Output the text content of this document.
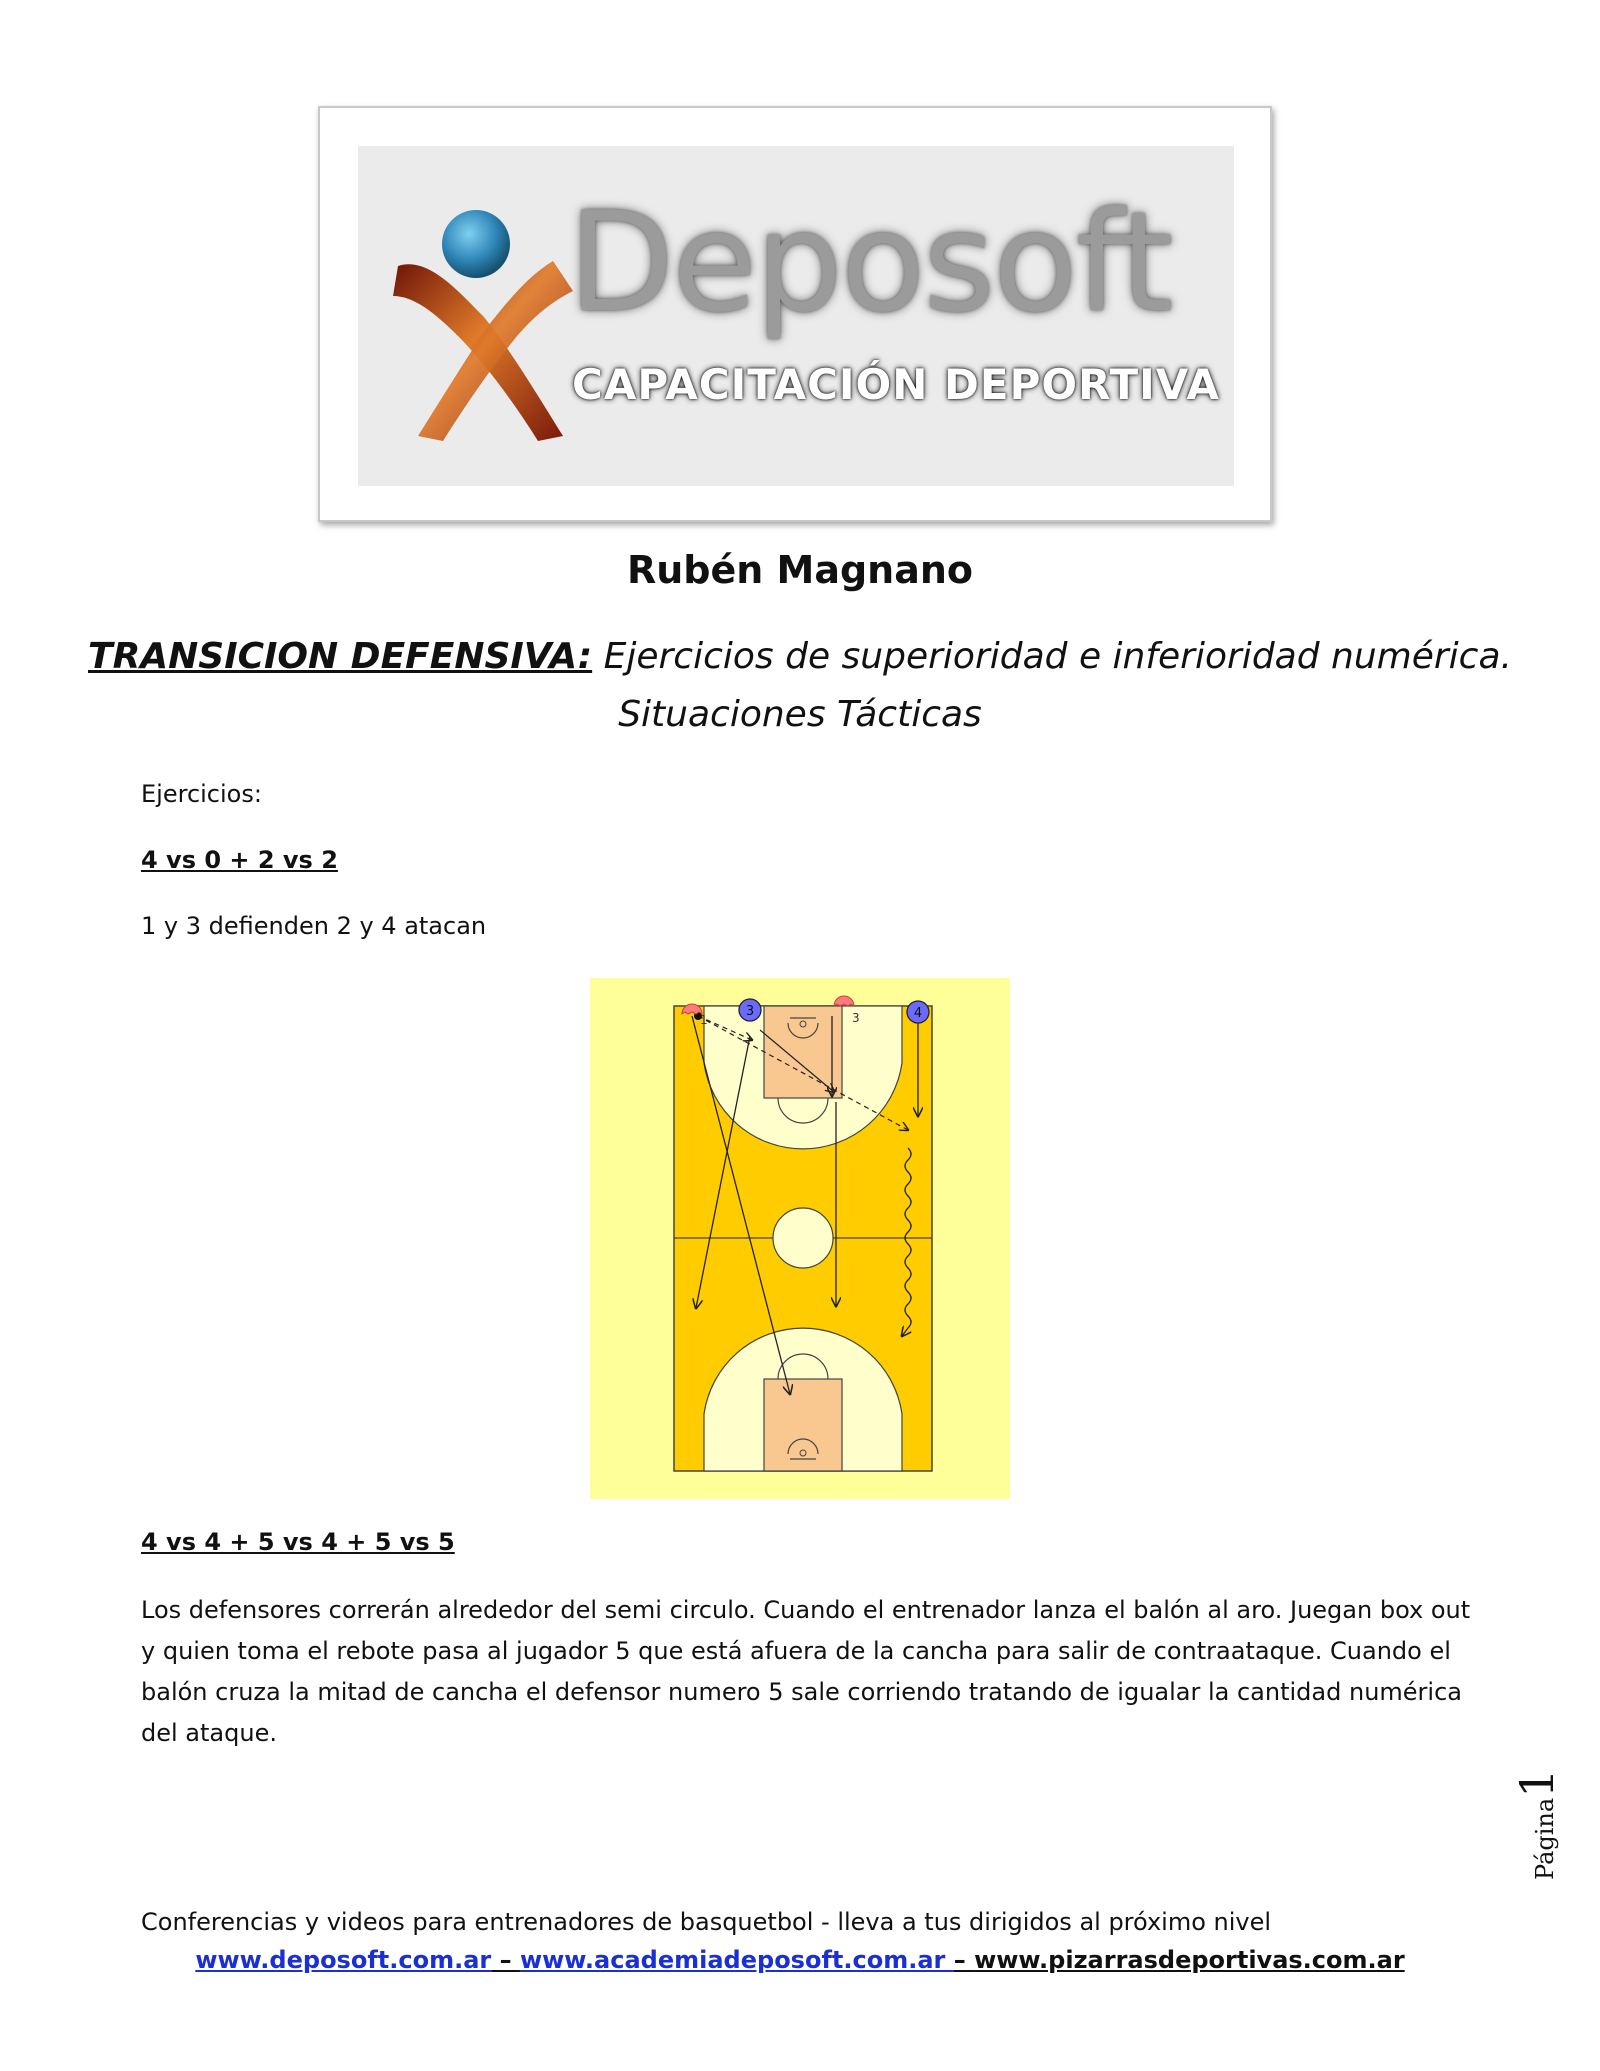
Deposoft
CAPACITACIÓN DEPORTIVA
Rubén Magnano
TRANSICION DEFENSIVA: Ejercicios de superioridad e inferioridad numérica.
Situaciones Tácticas
Ejercicios:
4 vs 0 + 2 vs 2
1 y 3 defienden 2 y 4 atacan
1	3
3	4
4 vs 4 + 5 vs 4 + 5 vs 5
Los defensores correrán alrededor del semi circulo. Cuando el entrenador lanza el balón al aro. Juegan box out y quien toma el rebote pasa al jugador 5 que está afuera de la cancha para salir de contraataque. Cuando el balón cruza la mitad de cancha el defensor numero 5 sale corriendo tratando de igualar la cantidad numérica del ataque.
Página1
Conferencias y videos para entrenadores de basquetbol - lleva a tus dirigidos al próximo nivel
www.deposoft.com.ar – www.academiadeposoft.com.ar – www.pizarrasdeportivas.com.ar
